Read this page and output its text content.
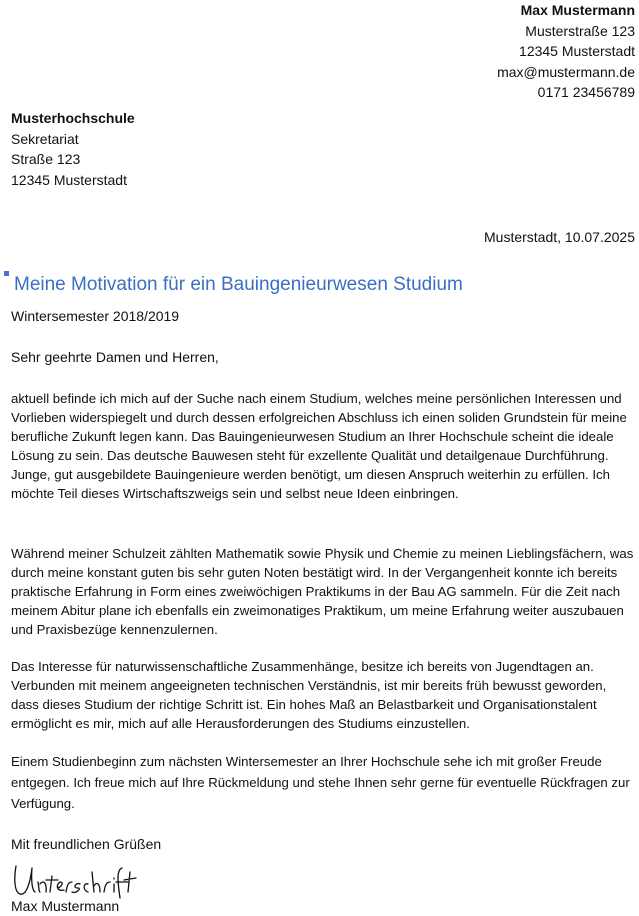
Max Mustermann
Musterstraße 123
12345 Musterstadt
max@mustermann.de
0171 23456789
Musterhochschule
Sekretariat
Straße 123
12345 Musterstadt
Musterstadt, 10.07.2025
Meine Motivation für ein Bauingenieurwesen Studium
Wintersemester 2018/2019
Sehr geehrte Damen und Herren,
aktuell befinde ich mich auf der Suche nach einem Studium, welches meine persönlichen Interessen und Vorlieben widerspiegelt und durch dessen erfolgreichen Abschluss ich einen soliden Grundstein für meine berufliche Zukunft legen kann. Das Bauingenieurwesen Studium an Ihrer Hochschule scheint die ideale Lösung zu sein. Das deutsche Bauwesen steht für exzellente Qualität und detailgenaue Durchführung. Junge, gut ausgebildete Bauingenieure werden benötigt, um diesen Anspruch weiterhin zu erfüllen. Ich möchte Teil dieses Wirtschaftszweigs sein und selbst neue Ideen einbringen.
Während meiner Schulzeit zählten Mathematik sowie Physik und Chemie zu meinen Lieblingsfächern, was durch meine konstant guten bis sehr guten Noten bestätigt wird. In der Vergangenheit konnte ich bereits praktische Erfahrung in Form eines zweiwöchigen Praktikums in der Bau AG sammeln. Für die Zeit nach meinem Abitur plane ich ebenfalls ein zweimonatiges Praktikum, um meine Erfahrung weiter auszubauen und Praxisbezüge kennenzulernen.
Das Interesse für naturwissenschaftliche Zusammenhänge, besitze ich bereits von Jugendtagen an. Verbunden mit meinem angeeigneten technischen Verständnis, ist mir bereits früh bewusst geworden, dass dieses Studium der richtige Schritt ist. Ein hohes Maß an Belastbarkeit und Organisationstalent ermöglicht es mir, mich auf alle Herausforderungen des Studiums einzustellen.
Einem Studienbeginn zum nächsten Wintersemester an Ihrer Hochschule sehe ich mit großer Freude entgegen. Ich freue mich auf Ihre Rückmeldung und stehe Ihnen sehr gerne für eventuelle Rückfragen zur Verfügung.
Mit freundlichen Grüßen
Max Mustermann
